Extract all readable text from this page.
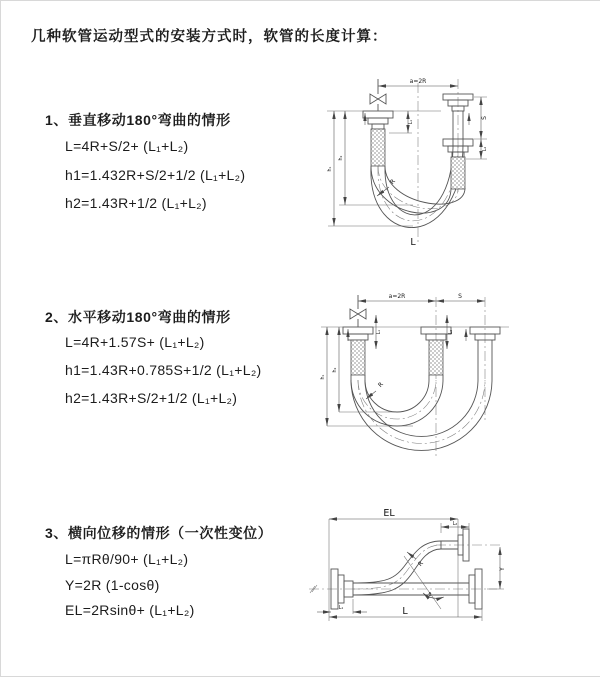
几种软管运动型式的安装方式时，软管的长度计算：
1、垂直移动180°弯曲的情形
L=4R+S/2+ (L₁+L₂)
h1=1.432R+S/2+1/2 (L₁+L₂)
h2=1.43R+1/2 (L₁+L₂)
2、水平移动180°弯曲的情形
L=4R+1.57S+ (L₁+L₂)
h1=1.43R+0.785S+1/2 (L₁+L₂)
h2=1.43R+S/2+1/2 (L₁+L₂)
3、横向位移的情形（一次性变位）
L=πRθ/90+ (L₁+L₂)
Y=2R (1-cosθ)
EL=2Rsinθ+ (L₁+L₂)
a=2R
L₁
S
L₂
h₂
h₁
R
L
a=2R	S
L₁	L₂
h₂
h₁
R
EL
L₂
Y
R
θ
L
L₁
